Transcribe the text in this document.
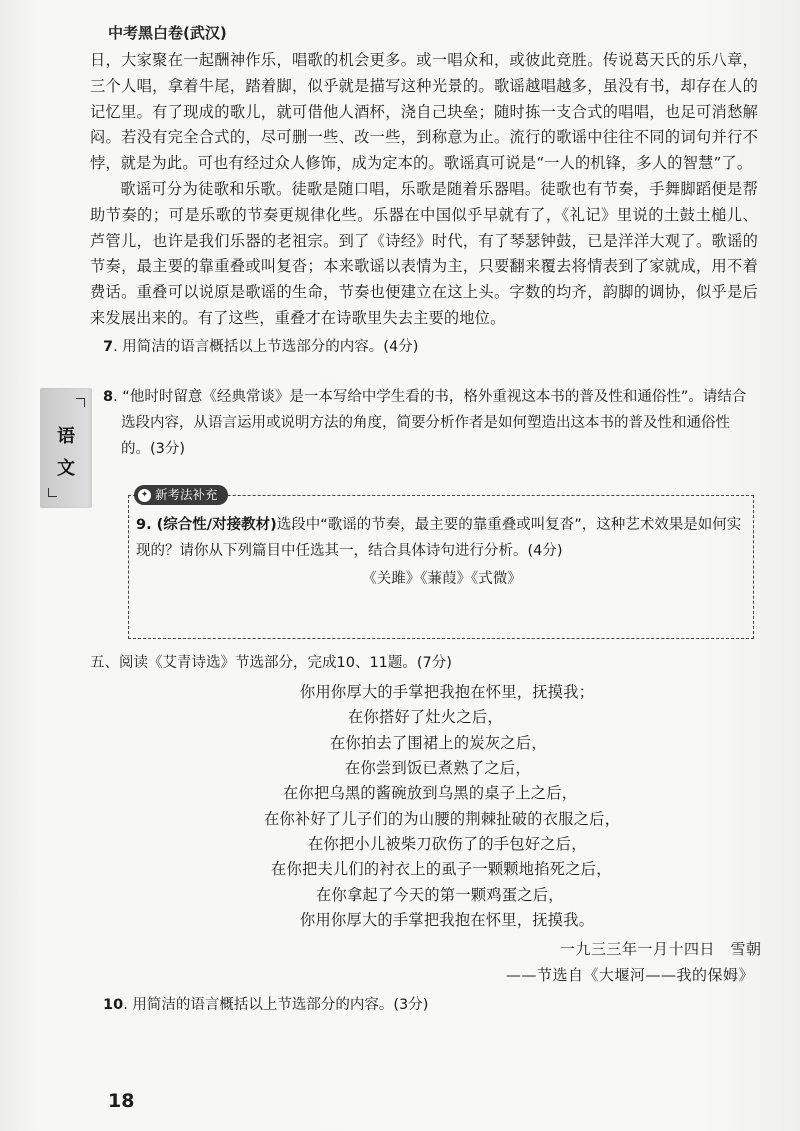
中考黑白卷(武汉)

日，大家聚在一起酬神作乐，唱歌的机会更多。或一唱众和，或彼此竞胜。传说葛天氏的乐八章，三个人唱，拿着牛尾，踏着脚，似乎就是描写这种光景的。歌谣越唱越多，虽没有书，却存在人的记忆里。有了现成的歌儿，就可借他人酒杯，浇自己块垒；随时拣一支合式的唱唱，也足可消愁解闷。若没有完全合式的，尽可删一些、改一些，到称意为止。流行的歌谣中往往不同的词句并行不悖，就是为此。可也有经过众人修饰，成为定本的。歌谣真可说是“一人的机锋，多人的智慧”了。

歌谣可分为徒歌和乐歌。徒歌是随口唱，乐歌是随着乐器唱。徒歌也有节奏，手舞脚蹈便是帮助节奏的；可是乐歌的节奏更规律化些。乐器在中国似乎早就有了，《礼记》里说的土鼓土槌儿、芦管儿，也许是我们乐器的老祖宗。到了《诗经》时代，有了琴瑟钟鼓，已是洋洋大观了。歌谣的节奏，最主要的靠重叠或叫复沓；本来歌谣以表情为主，只要翻来覆去将情表到了家就成，用不着费话。重叠可以说原是歌谣的生命，节奏也便建立在这上头。字数的均齐，韵脚的调协，似乎是后来发展出来的。有了这些，重叠才在诗歌里失去主要的地位。

7. 用简洁的语言概括以上节选部分的内容。(4分)

8. “他时时留意《经典常谈》是一本写给中学生看的书，格外重视这本书的普及性和通俗性”。请结合选段内容，从语言运用或说明方法的角度，简要分析作者是如何塑造出这本书的普及性和通俗性的。(3分)

语
文
✦ 新考法补充

9. (综合性/对接教材)选段中“歌谣的节奏，最主要的靠重叠或叫复沓”，这种艺术效果是如何实现的？请你从下列篇目中任选其一，结合具体诗句进行分析。(4分)

《关雎》《蒹葭》《式微》

五、阅读《艾青诗选》节选部分，完成10、11题。(7分)

你用你厚大的手掌把我抱在怀里，抚摸我；
在你搭好了灶火之后，
在你拍去了围裙上的炭灰之后，
在你尝到饭已煮熟了之后，
在你把乌黑的酱碗放到乌黑的桌子上之后，
在你补好了儿子们的为山腰的荆棘扯破的衣服之后，
在你把小儿被柴刀砍伤了的手包好之后，
在你把夫儿们的衬衣上的虱子一颗颗地掐死之后，
在你拿起了今天的第一颗鸡蛋之后，
你用你厚大的手掌把我抱在怀里，抚摸我。
一九三三年一月十四日　雪朝
——节选自《大堰河——我的保姆》

10. 用简洁的语言概括以上节选部分的内容。(3分)

18
